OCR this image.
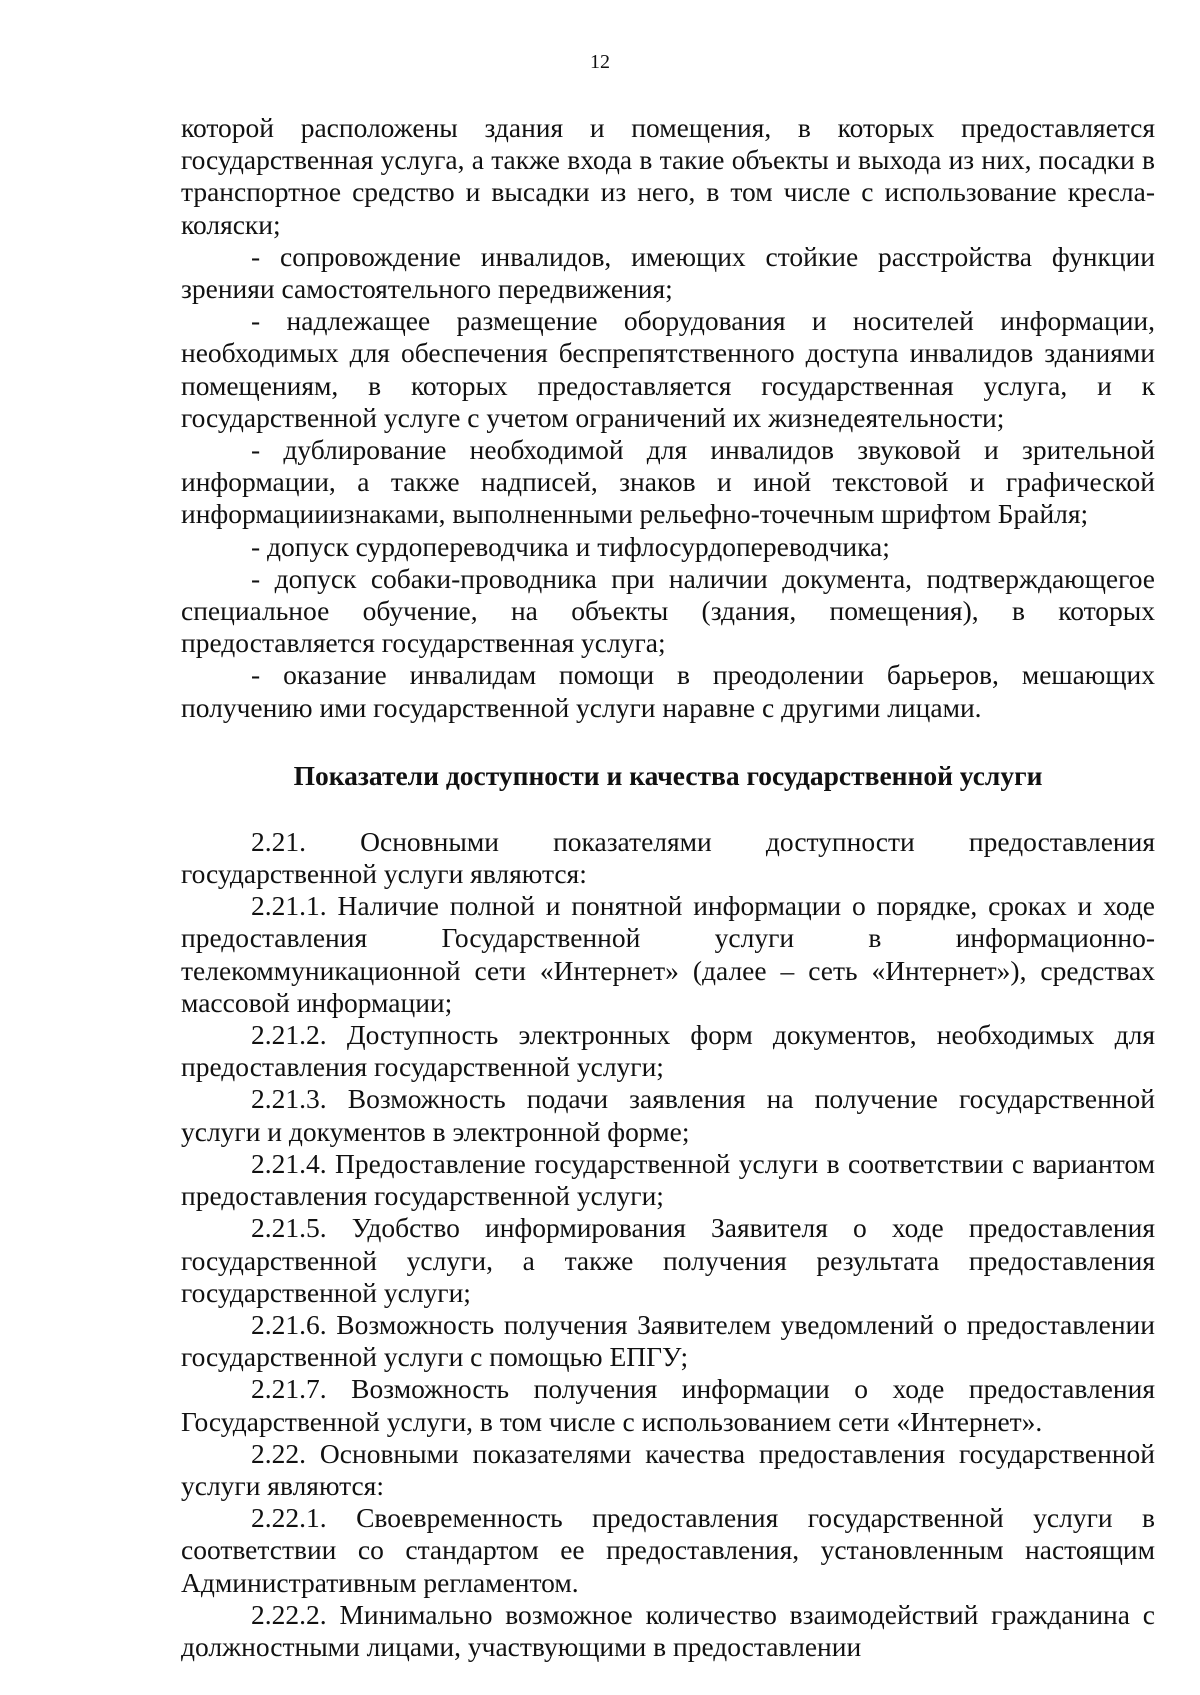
12

которой расположены здания и помещения, в которых предоставляется государственная услуга, а также входа в такие объекты и выхода из них, посадки в транспортное средство и высадки из него, в том числе с использование кресла- коляски;

- сопровождение инвалидов, имеющих стойкие расстройства функции зренияи самостоятельного передвижения;

- надлежащее размещение оборудования и носителей информации, необходимых для обеспечения беспрепятственного доступа инвалидов зданиями помещениям, в которых предоставляется государственная услуга, и к государственной услуге с учетом ограничений их жизнедеятельности;

- дублирование необходимой для инвалидов звуковой и зрительной информации, а также надписей, знаков и иной текстовой и графической информацииизнаками, выполненными рельефно-точечным шрифтом Брайля;

- допуск сурдопереводчика и тифлосурдопереводчика;

- допуск собаки-проводника при наличии документа, подтверждающегое специальное обучение, на объекты (здания, помещения), в которых предоставляется государственная услуга;

- оказание инвалидам помощи в преодолении барьеров, мешающих получению ими государственной услуги наравне с другими лицами.

Показатели доступности и качества государственной услуги

2.21. Основными показателями доступности предоставления государственной услуги являются:

2.21.1. Наличие полной и понятной информации о порядке, сроках и ходе предоставления Государственной услуги в информационно-телекоммуникационной сети «Интернет» (далее – сеть «Интернет»), средствах массовой информации;

2.21.2. Доступность электронных форм документов, необходимых для предоставления государственной услуги;

2.21.3. Возможность подачи заявления на получение государственной услуги и документов в электронной форме;

2.21.4. Предоставление государственной услуги в соответствии с вариантом предоставления государственной услуги;

2.21.5. Удобство информирования Заявителя о ходе предоставления государственной услуги, а также получения результата предоставления государственной услуги;

2.21.6. Возможность получения Заявителем уведомлений о предоставлении государственной услуги с помощью ЕПГУ;

2.21.7. Возможность получения информации о ходе предоставления Государственной услуги, в том числе с использованием сети «Интернет».

2.22. Основными показателями качества предоставления государственной услуги являются:

2.22.1. Своевременность предоставления государственной услуги в соответствии со стандартом ее предоставления, установленным настоящим Административным регламентом.

2.22.2. Минимально возможное количество взаимодействий гражданина с должностными лицами, участвующими в предоставлении
